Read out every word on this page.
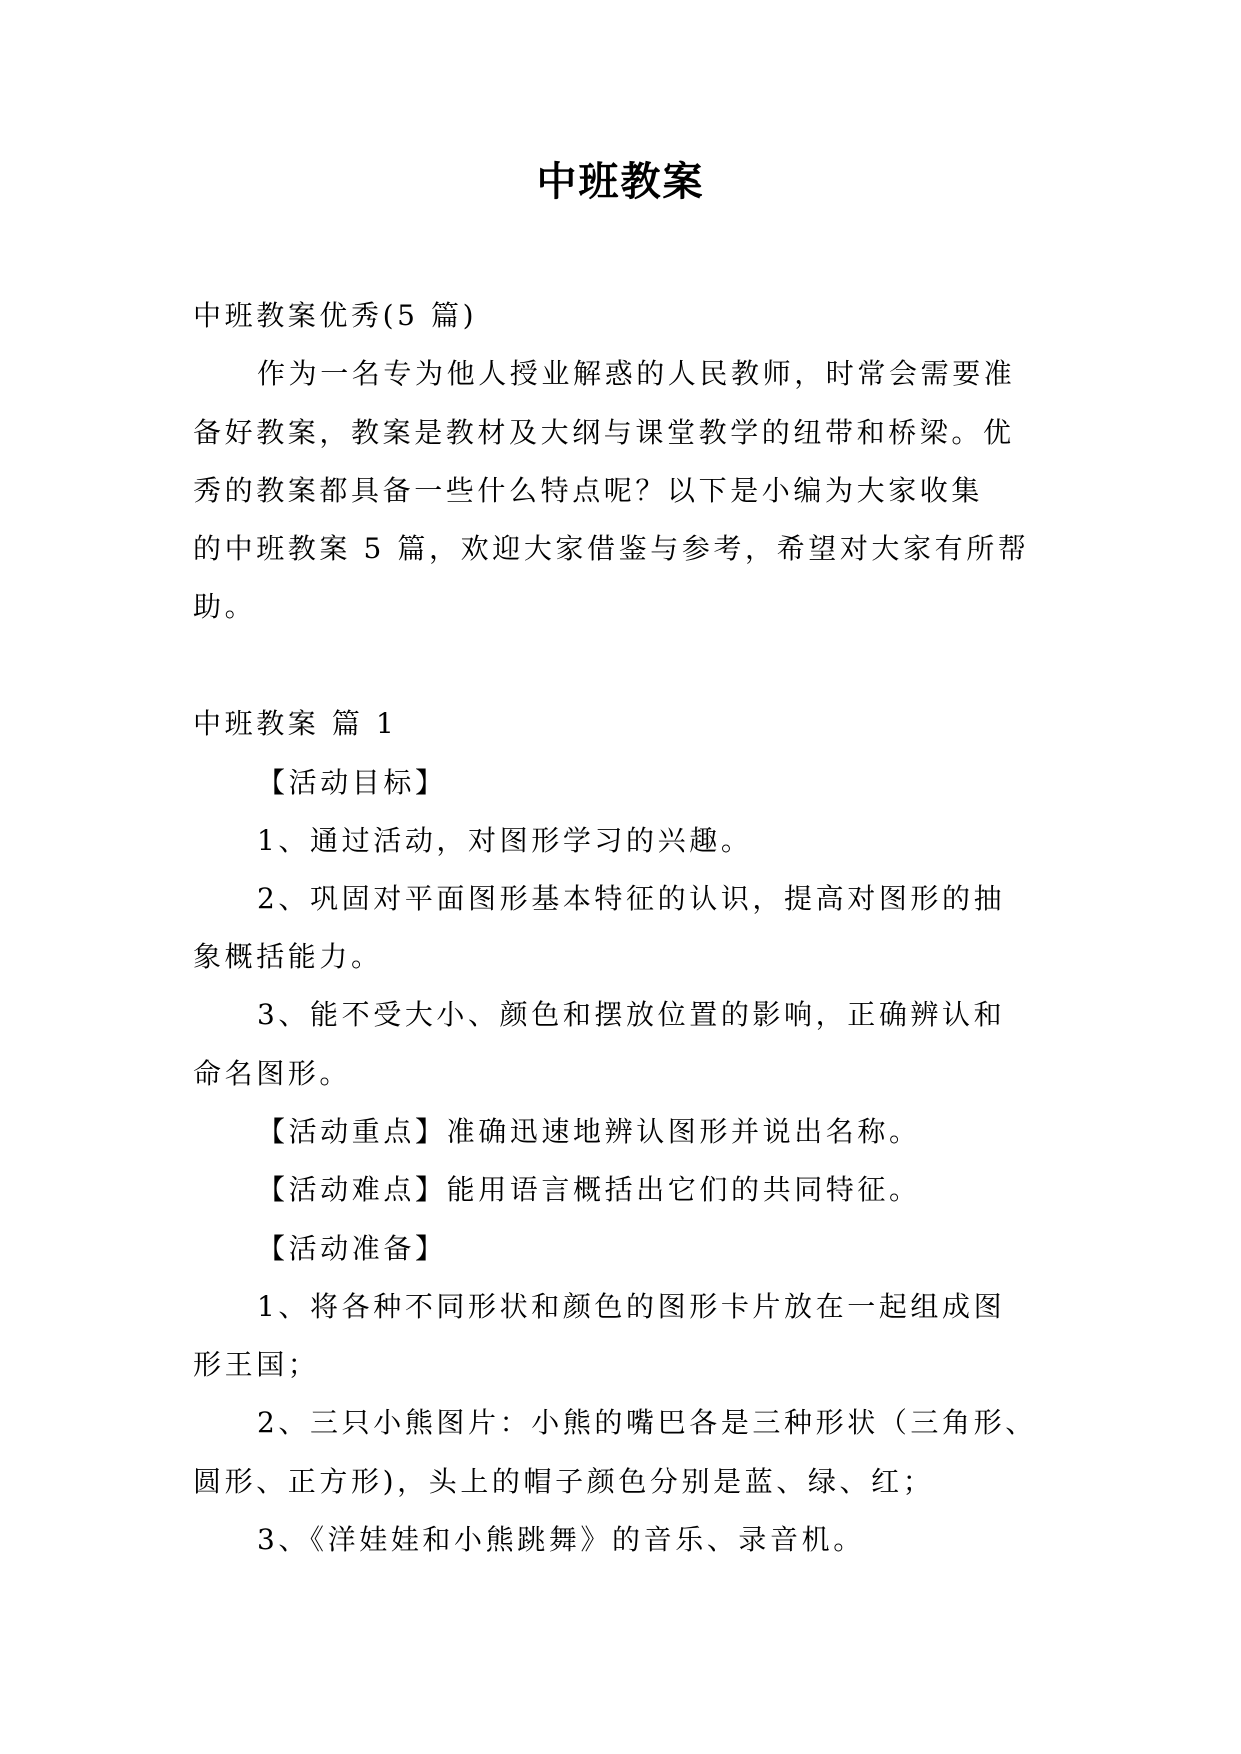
中班教案
中班教案优秀(5 篇)
作为一名专为他人授业解惑的人民教师，时常会需要准
备好教案，教案是教材及大纲与课堂教学的纽带和桥梁。优
秀的教案都具备一些什么特点呢？以下是小编为大家收集
的中班教案 5 篇，欢迎大家借鉴与参考，希望对大家有所帮
助。
中班教案 篇 1
【活动目标】
1、通过活动，对图形学习的兴趣。
2、巩固对平面图形基本特征的认识，提高对图形的抽
象概括能力。
3、能不受大小、颜色和摆放位置的影响，正确辨认和
命名图形。
【活动重点】准确迅速地辨认图形并说出名称。
【活动难点】能用语言概括出它们的共同特征。
【活动准备】
1、将各种不同形状和颜色的图形卡片放在一起组成图
形王国；
2、三只小熊图片：小熊的嘴巴各是三种形状（三角形、
圆形、正方形)，头上的帽子颜色分别是蓝、绿、红；
3、《洋娃娃和小熊跳舞》的音乐、录音机。
